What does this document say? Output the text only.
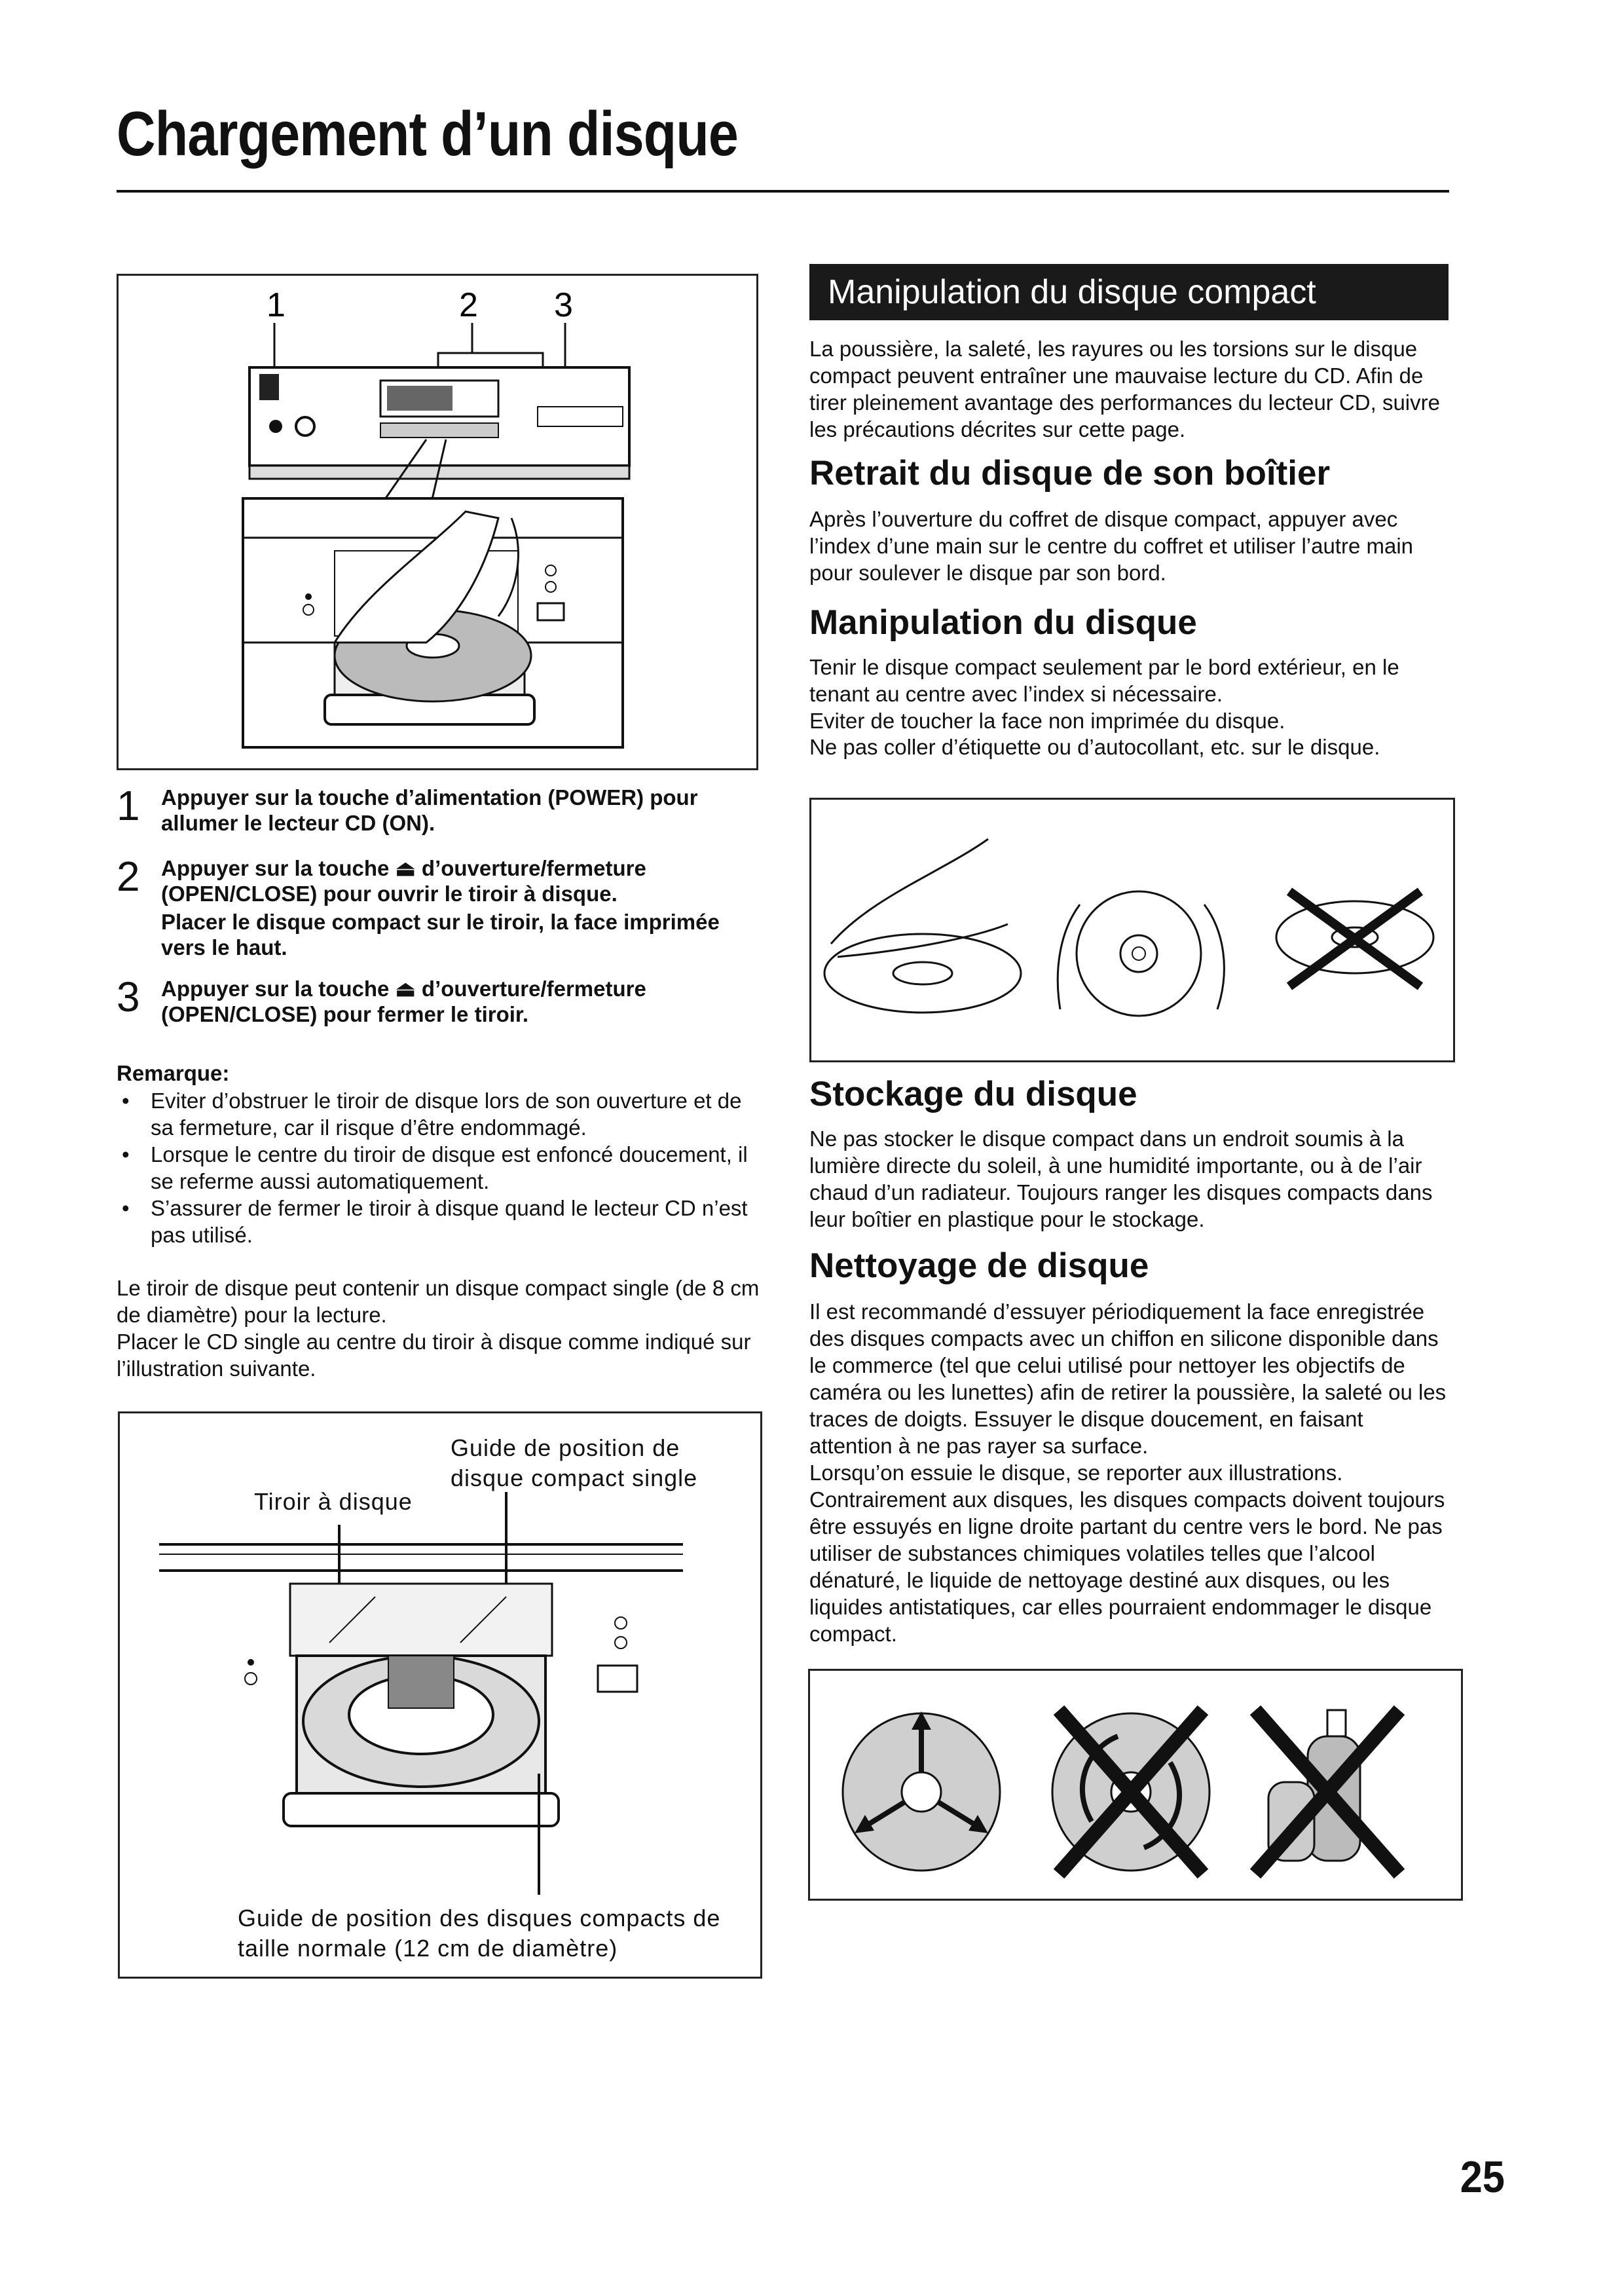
Chargement d’un disque
1	2 3
1 Appuyer sur la touche d’alimentation (POWER) pour allumer le lecteur CD (ON).
2 Appuyer sur la touche ⏏ d’ouverture/fermeture (OPEN/CLOSE) pour ouvrir le tiroir à disque.
Placer le disque compact sur le tiroir, la face imprimée vers le haut.
3 Appuyer sur la touche ⏏ d’ouverture/fermeture (OPEN/CLOSE) pour fermer le tiroir.
Remarque:
• Eviter d’obstruer le tiroir de disque lors de son ouverture et de sa fermeture, car il risque d’être endommagé.
• Lorsque le centre du tiroir de disque est enfoncé doucement, il se referme aussi automatiquement.
• S’assurer de fermer le tiroir à disque quand le lecteur CD n’est pas utilisé.
Le tiroir de disque peut contenir un disque compact single (de 8 cm de diamètre) pour la lecture.
Placer le CD single au centre du tiroir à disque comme indiqué sur l’illustration suivante.
Guide de position de disque compact single
Tiroir à disque
Guide de position des disques compacts de taille normale (12 cm de diamètre)
Manipulation du disque compact
La poussière, la saleté, les rayures ou les torsions sur le disque compact peuvent entraîner une mauvaise lecture du CD. Afin de tirer pleinement avantage des performances du lecteur CD, suivre les précautions décrites sur cette page.
Retrait du disque de son boîtier
Après l’ouverture du coffret de disque compact, appuyer avec l’index d’une main sur le centre du coffret et utiliser l’autre main pour soulever le disque par son bord.
Manipulation du disque
Tenir le disque compact seulement par le bord extérieur, en le tenant au centre avec l’index si nécessaire.
Eviter de toucher la face non imprimée du disque.
Ne pas coller d’étiquette ou d’autocollant, etc. sur le disque.
Stockage du disque
Ne pas stocker le disque compact dans un endroit soumis à la lumière directe du soleil, à une humidité importante, ou à de l’air chaud d’un radiateur. Toujours ranger les disques compacts dans leur boîtier en plastique pour le stockage.
Nettoyage de disque
Il est recommandé d’essuyer périodiquement la face enregistrée des disques compacts avec un chiffon en silicone disponible dans le commerce (tel que celui utilisé pour nettoyer les objectifs de caméra ou les lunettes) afin de retirer la poussière, la saleté ou les traces de doigts. Essuyer le disque doucement, en faisant attention à ne pas rayer sa surface.
Lorsqu’on essuie le disque, se reporter aux illustrations. Contrairement aux disques, les disques compacts doivent toujours être essuyés en ligne droite partant du centre vers le bord. Ne pas utiliser de substances chimiques volatiles telles que l’alcool dénaturé, le liquide de nettoyage destiné aux disques, ou les liquides antistatiques, car elles pourraient endommager le disque compact.
25
